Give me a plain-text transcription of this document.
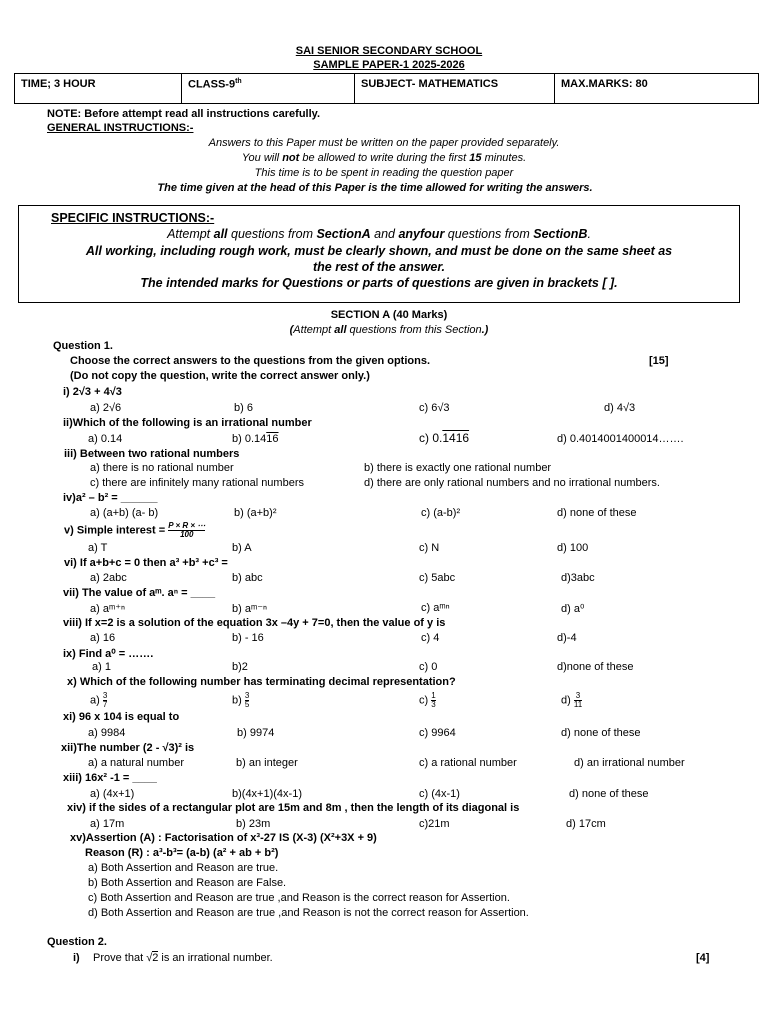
SAI SENIOR SECONDARY SCHOOL
SAMPLE PAPER-1 2025-2026
TIME; 3 HOUR	CLASS-9th	SUBJECT- MATHEMATICS	MAX.MARKS: 80
NOTE: Before attempt read all instructions carefully.
GENERAL INSTRUCTIONS:-
Answers to this Paper must be written on the paper provided separately.
You will not be allowed to write during the first 15 minutes.
This time is to be spent in reading the question paper
The time given at the head of this Paper is the time allowed for writing the answers.
SPECIFIC INSTRUCTIONS:-
Attempt all questions from SectionA and anyfour questions from SectionB.
All working, including rough work, must be clearly shown, and must be done on the same sheet as
the rest of the answer.
The intended marks for Questions or parts of questions are given in brackets [ ].
SECTION A (40 Marks)
(Attempt all questions from this Section.)
Question 1.
Choose the correct answers to the questions from the given options.	[15]
(Do not copy the question, write the correct answer only.)
i) 2√3 + 4√3
a) 2√6	b) 6	c) 6√3	d) 4√3
ii)Which of the following is an irrational number
a) 0.14	b) 0.1416	c) 0.1416	d) 0.4014001400014…….
iii) Between two rational numbers
a) there is no rational number	b) there is exactly one rational number
c) there are infinitely many rational numbers	d) there are only rational numbers and no irrational numbers.
iv)a² – b² = ______
a) (a+b) (a- b)	b) (a+b)²	c) (a-b)²	d) none of these
v) Simple interest = $\frac{P \times R \times \cdots}{100}$
a) T	b) A	c) N	d) 100
vi) If a+b+c = 0 then a³ +b³ +c³ =
a) 2abc	b) abc	c) 5abc	d)3abc
vii) The value of aᵐ. aⁿ = ____
a) aᵐ⁺ⁿ	b) aᵐ⁻ⁿ	c) aᵐⁿ	d) a⁰
viii) If x=2 is a solution of the equation 3x –4y + 7=0, then the value of y is
a) 16	b) - 16	c) 4	d)-4
ix) Find a⁰ = …….
a) 1	b)2	c) 0	d)none of these
x) Which of the following number has terminating decimal representation?
$a) \frac{3}{7}$	$b) \frac{3}{5}$	$c) \frac{1}{3}$	$d) \frac{3}{11}$
xi) 96 x 104 is equal to
a) 9984	b) 9974	c) 9964	d) none of these
xii)The number (2 - √3)² is
a) a natural number	b) an integer	c) a rational number	d) an irrational number
xiii) 16x² -1 = ____
a) (4x+1)	b)(4x+1)(4x-1)	c) (4x-1)	d) none of these
xiv) if the sides of a rectangular plot are 15m and 8m , then the length of its diagonal is
a) 17m	b) 23m	c)21m	d) 17cm
xv)Assertion (A) : Factorisation of x³-27 IS (X-3) (X²+3X + 9)
Reason (R) : a³-b³= (a-b) (a² + ab + b²)
a) Both Assertion and Reason are true.
b) Both Assertion and Reason are False.
c) Both Assertion and Reason are true ,and Reason is the correct reason for Assertion.
d) Both Assertion and Reason are true ,and Reason is not the correct reason for Assertion.
Question 2.
i) Prove that √2 is an irrational number.	[4]
